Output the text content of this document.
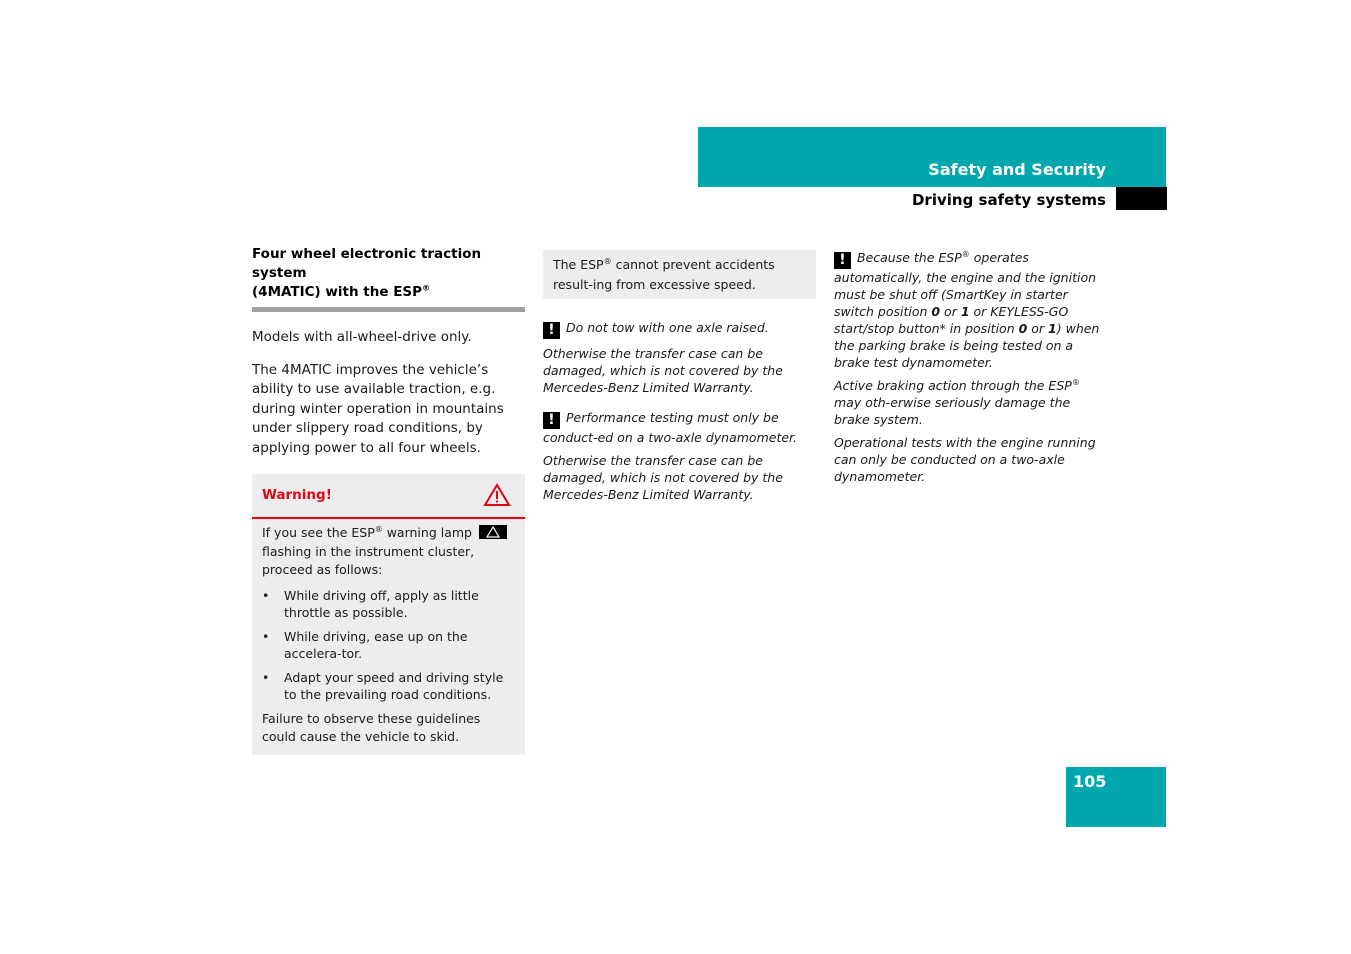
Safety and Security
Driving safety systems
Four wheel electronic traction system
(4MATIC) with the ESP®

Models with all-wheel-drive only.

The 4MATIC improves the vehicle’s ability to use available traction, e.g. during winter operation in mountains under slippery road conditions, by applying power to all four wheels.

Warning!

If you see the ESP® warning lamp
flashing in the instrument cluster, proceed as follows:

• While driving off, apply as little throttle as possible.
• While driving, ease up on the accelera-tor.
• Adapt your speed and driving style to the prevailing road conditions.

Failure to observe these guidelines could cause the vehicle to skid.

The ESP® cannot prevent accidents result-ing from excessive speed.

! Do not tow with one axle raised.

Otherwise the transfer case can be damaged, which is not covered by the Mercedes-Benz Limited Warranty.

! Performance testing must only be conduct-ed on a two-axle dynamometer.

Otherwise the transfer case can be damaged, which is not covered by the Mercedes-Benz Limited Warranty.

! Because the ESP® operates automatically, the engine and the ignition must be shut off (SmartKey in starter switch position 0 or 1 or KEYLESS-GO start/stop button* in position 0 or 1) when the parking brake is being tested on a brake test dynamometer.

Active braking action through the ESP® may oth-erwise seriously damage the brake system.

Operational tests with the engine running can only be conducted on a two-axle dynamometer.

105
